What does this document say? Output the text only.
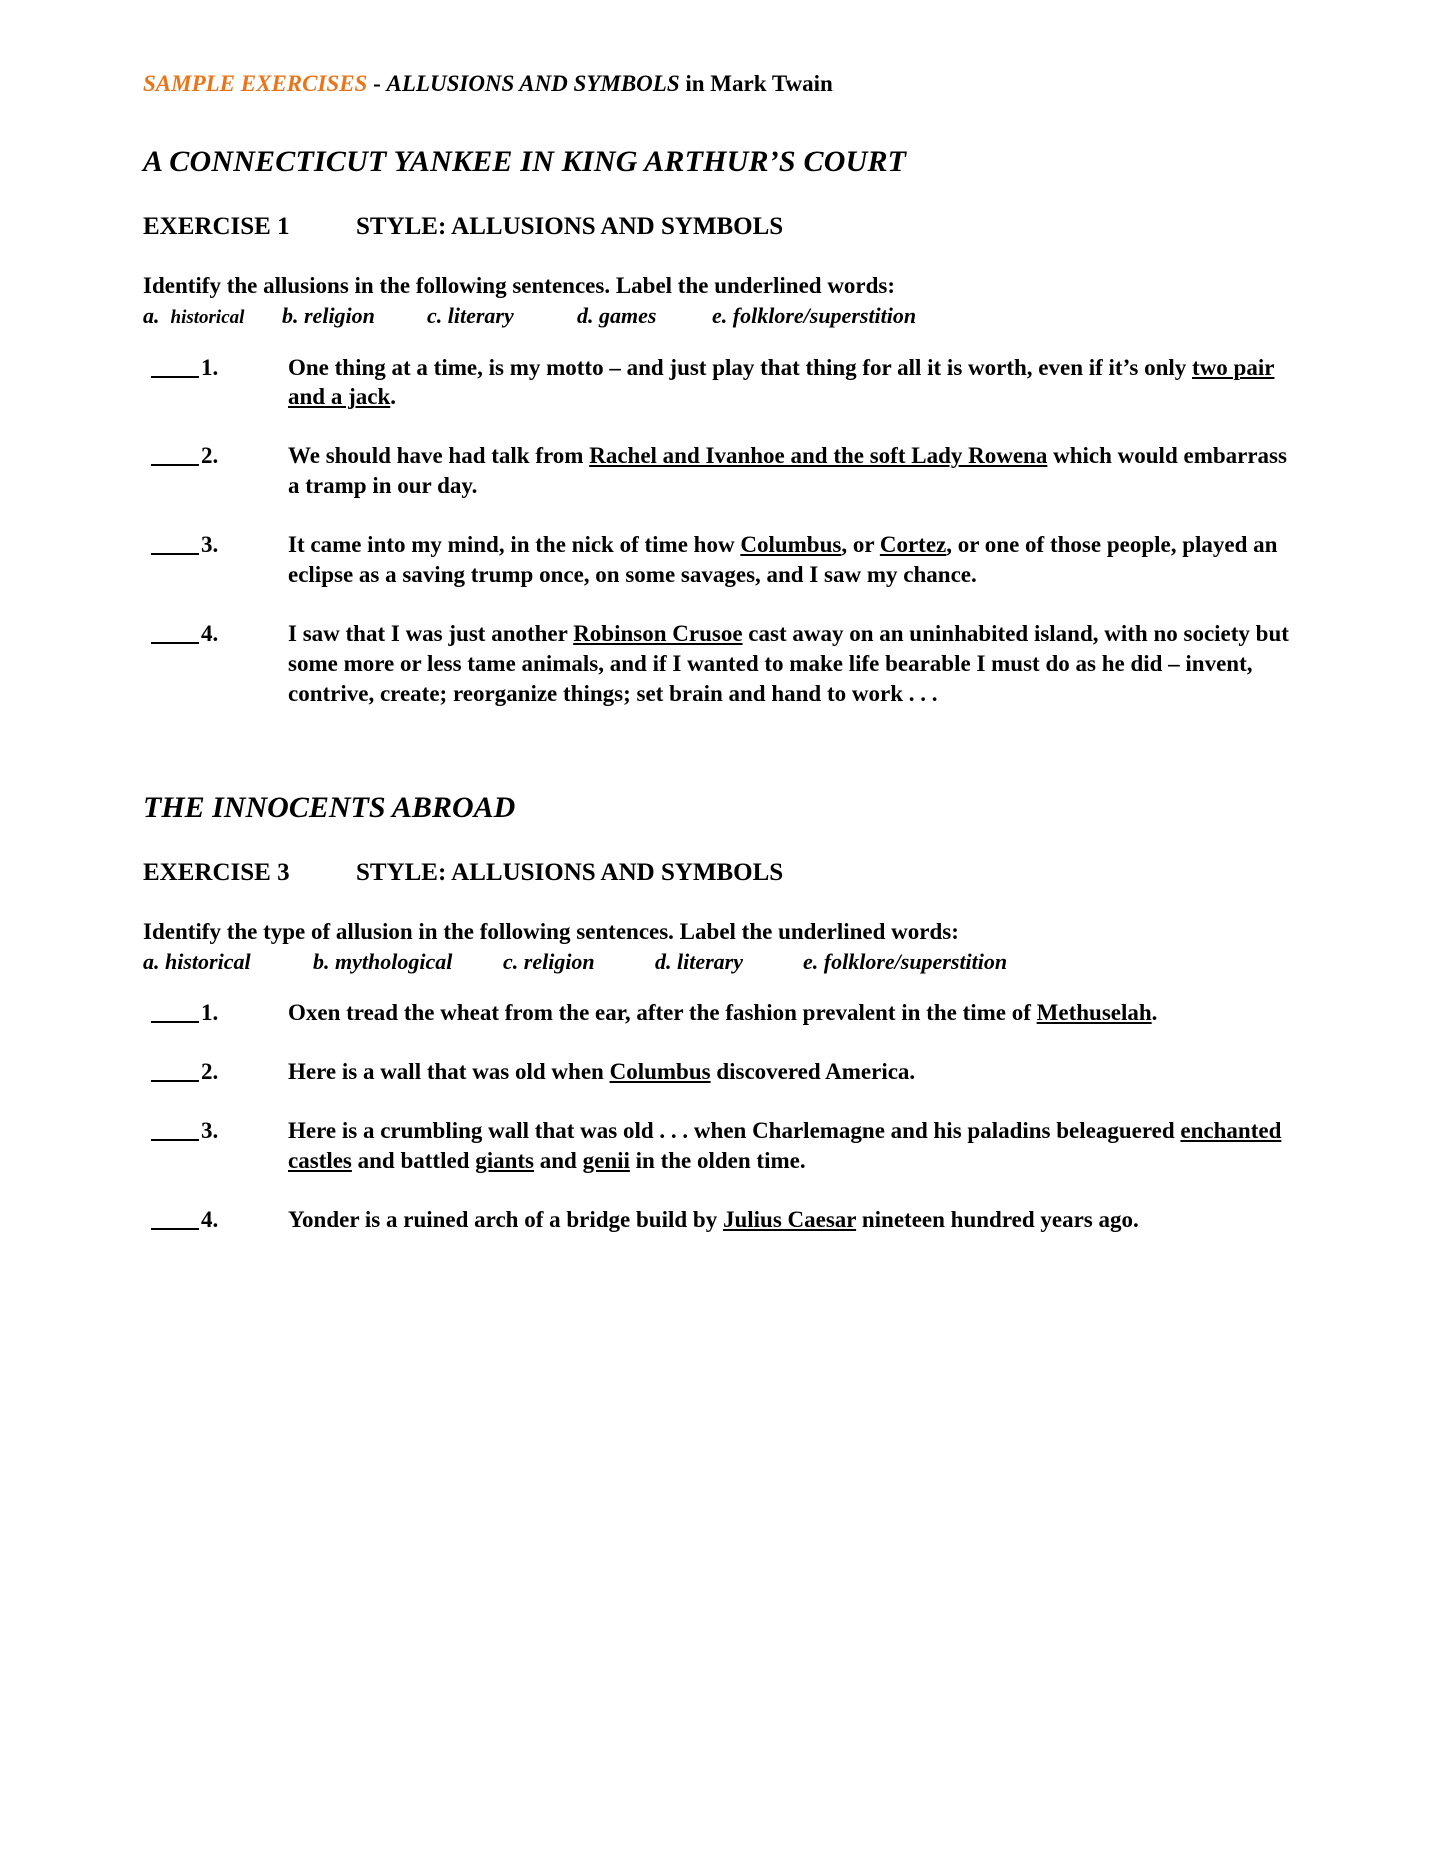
SAMPLE EXERCISES - ALLUSIONS AND SYMBOLS in Mark Twain
A CONNECTICUT YANKEE IN KING ARTHUR’S COURT
EXERCISE 1	STYLE: ALLUSIONS AND SYMBOLS
Identify the allusions in the following sentences. Label the underlined words:
a. historical	b. religion	c. literary	d. games	e. folklore/superstition
1.	One thing at a time, is my motto – and just play that thing for all it is worth, even if it’s only two pair and a jack.
2.	We should have had talk from Rachel and Ivanhoe and the soft Lady Rowena which would embarrass a tramp in our day.
3.	It came into my mind, in the nick of time how Columbus, or Cortez, or one of those people, played an eclipse as a saving trump once, on some savages, and I saw my chance.
4.	I saw that I was just another Robinson Crusoe cast away on an uninhabited island, with no society but some more or less tame animals, and if I wanted to make life bearable I must do as he did – invent, contrive, create; reorganize things; set brain and hand to work . . .
THE INNOCENTS ABROAD
EXERCISE 3	STYLE: ALLUSIONS AND SYMBOLS
Identify the type of allusion in the following sentences. Label the underlined words:
a. historical	b. mythological	c. religion	d. literary	e. folklore/superstition
1.	Oxen tread the wheat from the ear, after the fashion prevalent in the time of Methuselah.
2.	Here is a wall that was old when Columbus discovered America.
3.	Here is a crumbling wall that was old . . . when Charlemagne and his paladins beleaguered enchanted castles and battled giants and genii in the olden time.
4.	Yonder is a ruined arch of a bridge build by Julius Caesar nineteen hundred years ago.
